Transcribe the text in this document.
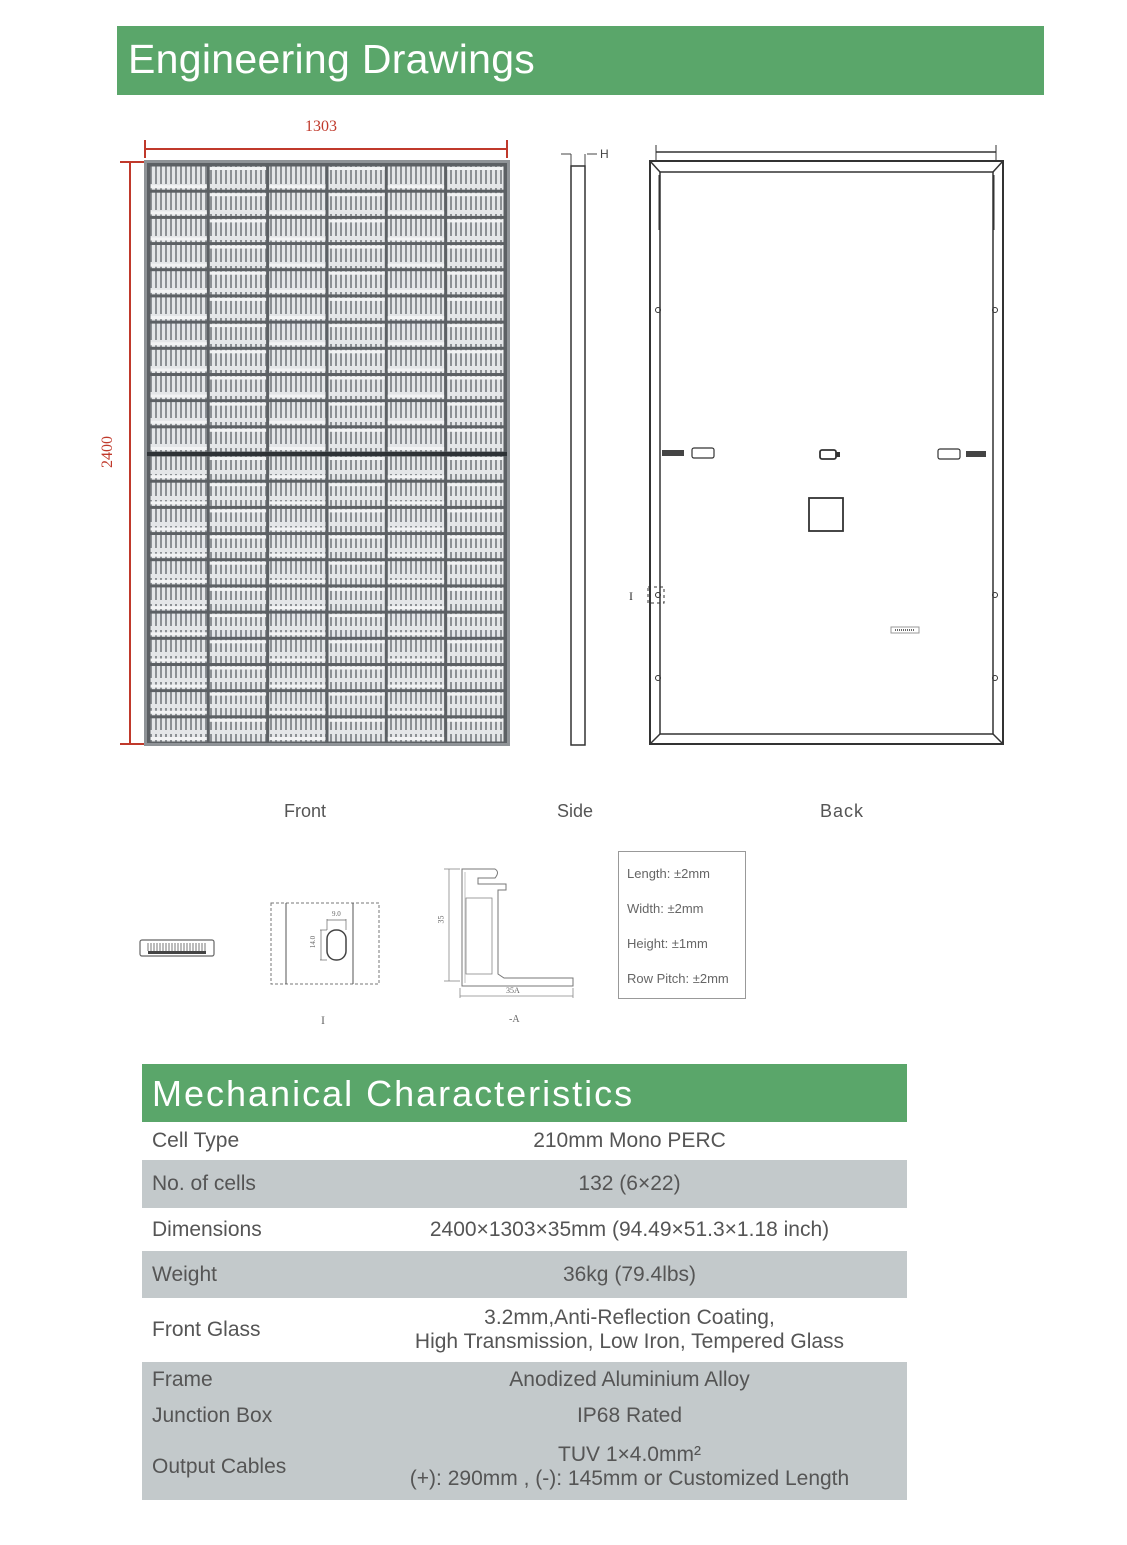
Engineering Drawings
1303
2400
H
I
Front	Side	Back
9.0
14.0
35
35A
I	-A
Length: ±2mm
Width: ±2mm
Height: ±1mm
Row Pitch: ±2mm
Mechanical Characteristics
Cell Type	210mm Mono PERC
No. of cells	132 (6×22)
Dimensions	2400×1303×35mm (94.49×51.3×1.18 inch)
Weight	36kg (79.4lbs)
Front Glass	3.2mm,Anti-Reflection Coating,
High Transmission, Low Iron, Tempered Glass

Frame	Anodized Aluminium Alloy
Junction Box	IP68 Rated
Output Cables	TUV 1×4.0mm²
(+): 290mm , (-): 145mm or Customized Length
